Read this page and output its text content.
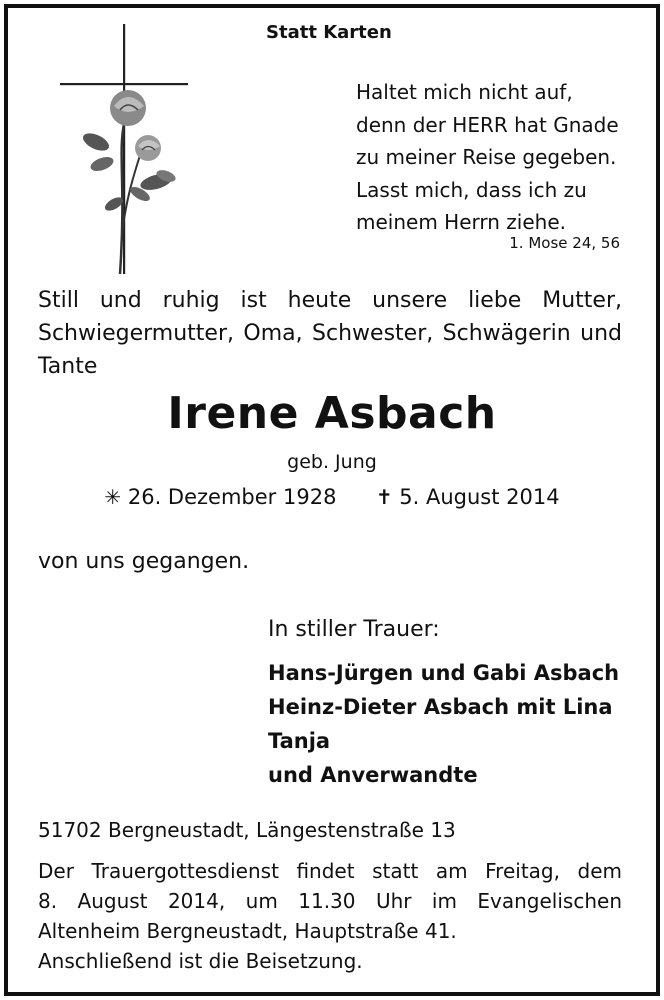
Statt Karten
Haltet mich nicht auf,
denn der HERR hat Gnade
zu meiner Reise gegeben.
Lasst mich, dass ich zu
meinem Herrn ziehe.
1. Mose 24, 56
Still und ruhig ist heute unsere liebe Mutter, Schwiegermutter, Oma, Schwester, Schwägerin und Tante
Irene Asbach
geb. Jung
✳ 26. Dezember 1928 ✝ 5. August 2014
von uns gegangen.
In stiller Trauer:
Hans-Jürgen und Gabi Asbach
Heinz-Dieter Asbach mit Lina
Tanja
und Anverwandte
51702 Bergneustadt, Längestenstraße 13
Der Trauergottesdienst findet statt am Freitag, dem
8. August 2014, um 11.30 Uhr im Evangelischen
Altenheim Bergneustadt, Hauptstraße 41.
Anschließend ist die Beisetzung.
